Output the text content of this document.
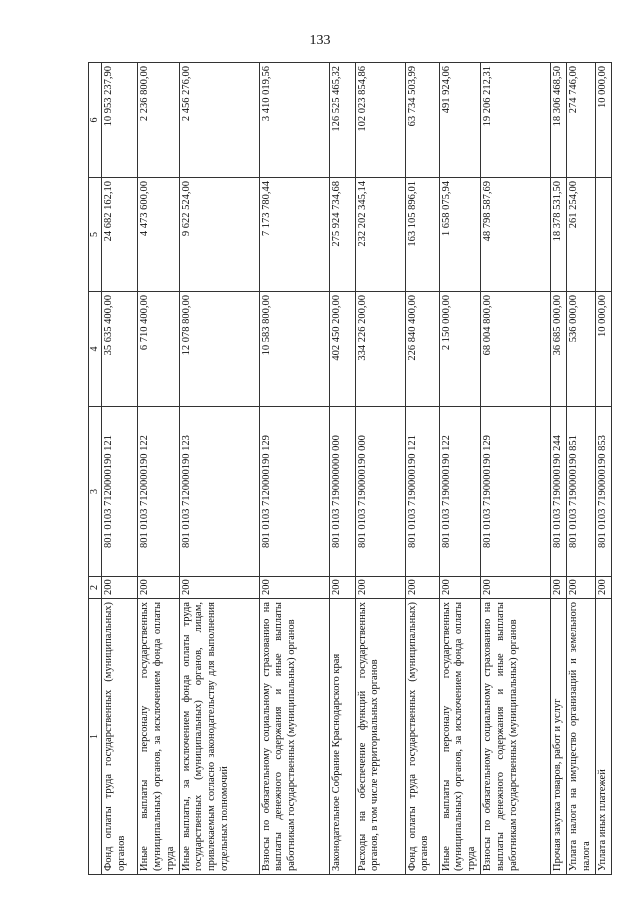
133
1	2	3	4	5	6
Фонд оплаты труда государственных (муниципальных) органов	200	801 0103 7120000190 121	35 635 400,00	24 682 162,10	10 953 237,90
Иные выплаты персоналу государственных (муниципальных) органов, за исключением фонда оплаты труда	200	801 0103 7120000190 122	6 710 400,00	4 473 600,00	2 236 800,00
Иные выплаты, за исключением фонда оплаты труда государственных (муниципальных) органов, лицам, привлекаемым согласно законодательству для выполнения отдельных полномочий	200	801 0103 7120000190 123	12 078 800,00	9 622 524,00	2 456 276,00
Взносы по обязательному социальному страхованию на выплаты денежного содержания и иные выплаты работникам государственных (муниципальных) органов	200	801 0103 7120000190 129	10 583 800,00	7 173 780,44	3 410 019,56
Законодательное Собрание Краснодарского края	200	801 0103 7190000000 000	402 450 200,00	275 924 734,68	126 525 465,32
Расходы на обеспечение функций государственных органов, в том числе территориальных органов	200	801 0103 7190000190 000	334 226 200,00	232 202 345,14	102 023 854,86
Фонд оплаты труда государственных (муниципальных) органов	200	801 0103 7190000190 121	226 840 400,00	163 105 896,01	63 734 503,99
Иные выплаты персоналу государственных (муниципальных) органов, за исключением фонда оплаты труда	200	801 0103 7190000190 122	2 150 000,00	1 658 075,94	491 924,06
Взносы по обязательному социальному страхованию на выплаты денежного содержания и иные выплаты работникам государственных (муниципальных) органов	200	801 0103 7190000190 129	68 004 800,00	48 798 587,69	19 206 212,31
Прочая закупка товаров, работ и услуг	200	801 0103 7190000190 244	36 685 000,00	18 378 531,50	18 306 468,50
Уплата налога на имущество организаций и земельного налога	200	801 0103 7190000190 851	536 000,00	261 254,00	274 746,00
Уплата иных платежей	200	801 0103 7190000190 853	10 000,00		10 000,00
